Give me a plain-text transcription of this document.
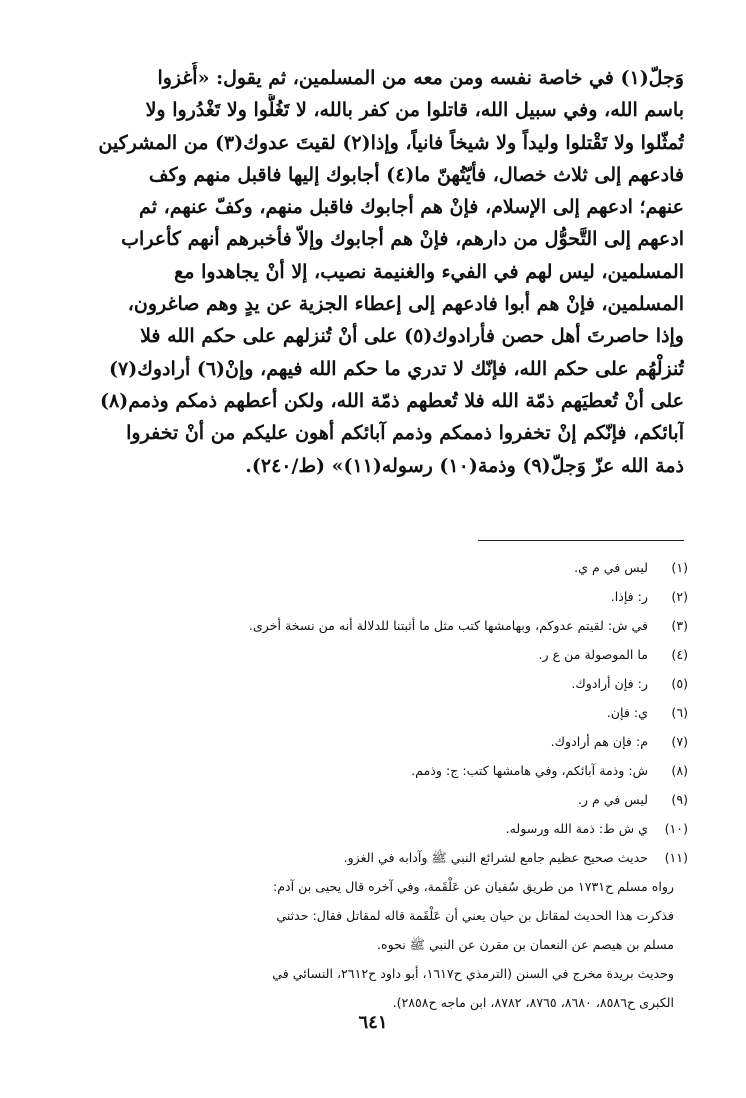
وَجلّ(١) في خاصة نفسه ومن معه من المسلمين، ثم يقول: «أُغزوا
باسم الله، وفي سبيل الله، قاتلوا من كفر بالله، لا تَغُلُّوا ولا تَغْدُروا ولا
تُمثّلوا ولا تَقْتلوا وليداً ولا شيخاً فانياً، وإذا(٢) لقيتَ عدوك(٣) من المشركين
فادعهم إلى ثلاث خصال، فأيّتُهنّ ما(٤) أجابوك إليها فاقبل منهم وكف
عنهم؛ ادعهم إلى الإسلام، فإنْ هم أجابوك فاقبل منهم، وكفّ عنهم، ثم
ادعهم إلى التَّحوُّل من دارهم، فإنْ هم أجابوك وإلاّ فأخبرهم أنهم كأعراب
المسلمين، ليس لهم في الفيء والغنيمة نصيب، إلا أنْ يجاهدوا مع
المسلمين، فإنْ هم أبوا فادعهم إلى إعطاء الجزية عن يدٍ وهم صاغرون،
وإذا حاصرتَ أهل حصن فأرادوك(٥) على أنْ تُنزلهم على حكم الله فلا
تُنزلْهُم على حكم الله، فإنّك لا تدري ما حكم الله فيهم، وإنْ(٦) أرادوك(٧)
على أنْ تُعطيَهم ذمّة الله فلا تُعطهم ذمّة الله، ولكن أعطهم ذمكم وذمم(٨)
آبائكم، فإنّكم إنْ تخفروا ذممكم وذمم آبائكم أهون عليكم من أنْ تخفروا
ذمة الله عزّ وَجلّ(٩) وذمة(١٠) رسوله(١١)» (ط/٢٤٠).
(١)
ليس في م ي.
(٢)
ر: فإذا.
(٣)
في ش: لقيتم عدوكم، وبهامشها كتب مثل ما أثبتنا للدلالة أنه من نسخة أخرى.
(٤)
ما الموصولة من ع ر.
(٥)
ر: فإن أرادوك.
(٦)
ي: فإن.
(٧)
م: فإن هم أرادوك.
(٨)
ش: وذمة آبائكم، وفي هامشها كتب: ج: وذمم.
(٩)
ليس في م ر.
(١٠)
ي ش ط: ذمة الله ورسوله.
(١١)
حديث صحيح عظيم جامع لشرائع النبي ﷺ وآدابه في الغزو.
رواه مسلم ح١٧٣١ من طريق سُفيان عن عَلْقَمة، وفي آخره قال يحيى بن آدم:
فذكرت هذا الحديث لمقاتل بن حيان يعني أن عَلْقَمة قاله لمقاتل فقال: حدثني
مسلم بن هيصم عن النعمان بن مقرن عن النبي ﷺ نحوه.
وحديث بريدة مخرج في السنن (الترمذي ح١٦١٧، أبو داود ح٢٦١٢، النسائي في
الكبرى ح٨٥٨٦، ٨٦٨٠، ٨٧٦٥، ٨٧٨٢، ابن ماجه ح٢٨٥٨).
٦٤١
